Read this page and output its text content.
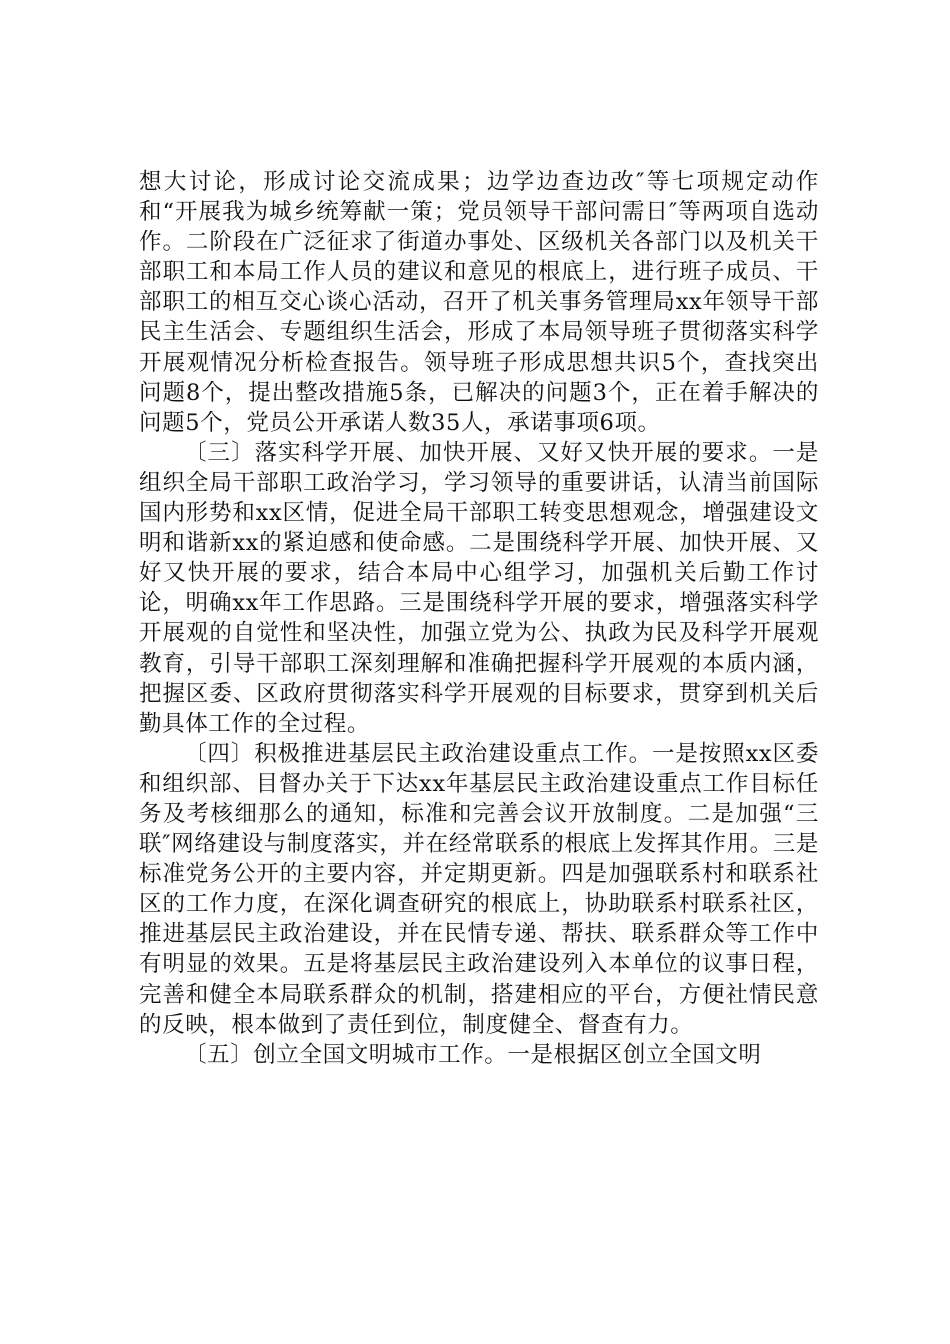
想大讨论，形成讨论交流成果；边学边查边改″等七项规定动作和“开展我为城乡统筹献一策；党员领导干部问需日″等两项自选动作。二阶段在广泛征求了街道办事处、区级机关各部门以及机关干部职工和本局工作人员的建议和意见的根底上，进行班子成员、干部职工的相互交心谈心活动，召开了机关事务管理局xx年领导干部民主生活会、专题组织生活会，形成了本局领导班子贯彻落实科学开展观情况分析检查报告。领导班子形成思想共识5个，查找突出问题8个，提出整改措施5条，已解决的问题3个，正在着手解决的问题5个，党员公开承诺人数35人，承诺事项6项。

〔三〕落实科学开展、加快开展、又好又快开展的要求。一是组织全局干部职工政治学习，学习领导的重要讲话，认清当前国际国内形势和xx区情，促进全局干部职工转变思想观念，增强建设文明和谐新xx的紧迫感和使命感。二是围绕科学开展、加快开展、又好又快开展的要求，结合本局中心组学习，加强机关后勤工作讨论，明确xx年工作思路。三是围绕科学开展的要求，增强落实科学开展观的自觉性和坚决性，加强立党为公、执政为民及科学开展观教育，引导干部职工深刻理解和准确把握科学开展观的本质内涵，把握区委、区政府贯彻落实科学开展观的目标要求，贯穿到机关后勤具体工作的全过程。

〔四〕积极推进基层民主政治建设重点工作。一是按照xx区委和组织部、目督办关于下达xx年基层民主政治建设重点工作目标任务及考核细那么的通知，标准和完善会议开放制度。二是加强“三联″网络建设与制度落实，并在经常联系的根底上发挥其作用。三是标准党务公开的主要内容，并定期更新。四是加强联系村和联系社区的工作力度，在深化调查研究的根底上，协助联系村联系社区，推进基层民主政治建设，并在民情专递、帮扶、联系群众等工作中有明显的效果。五是将基层民主政治建设列入本单位的议事日程，完善和健全本局联系群众的机制，搭建相应的平台，方便社情民意的反映，根本做到了责任到位，制度健全、督查有力。

〔五〕创立全国文明城市工作。一是根据区创立全国文明
